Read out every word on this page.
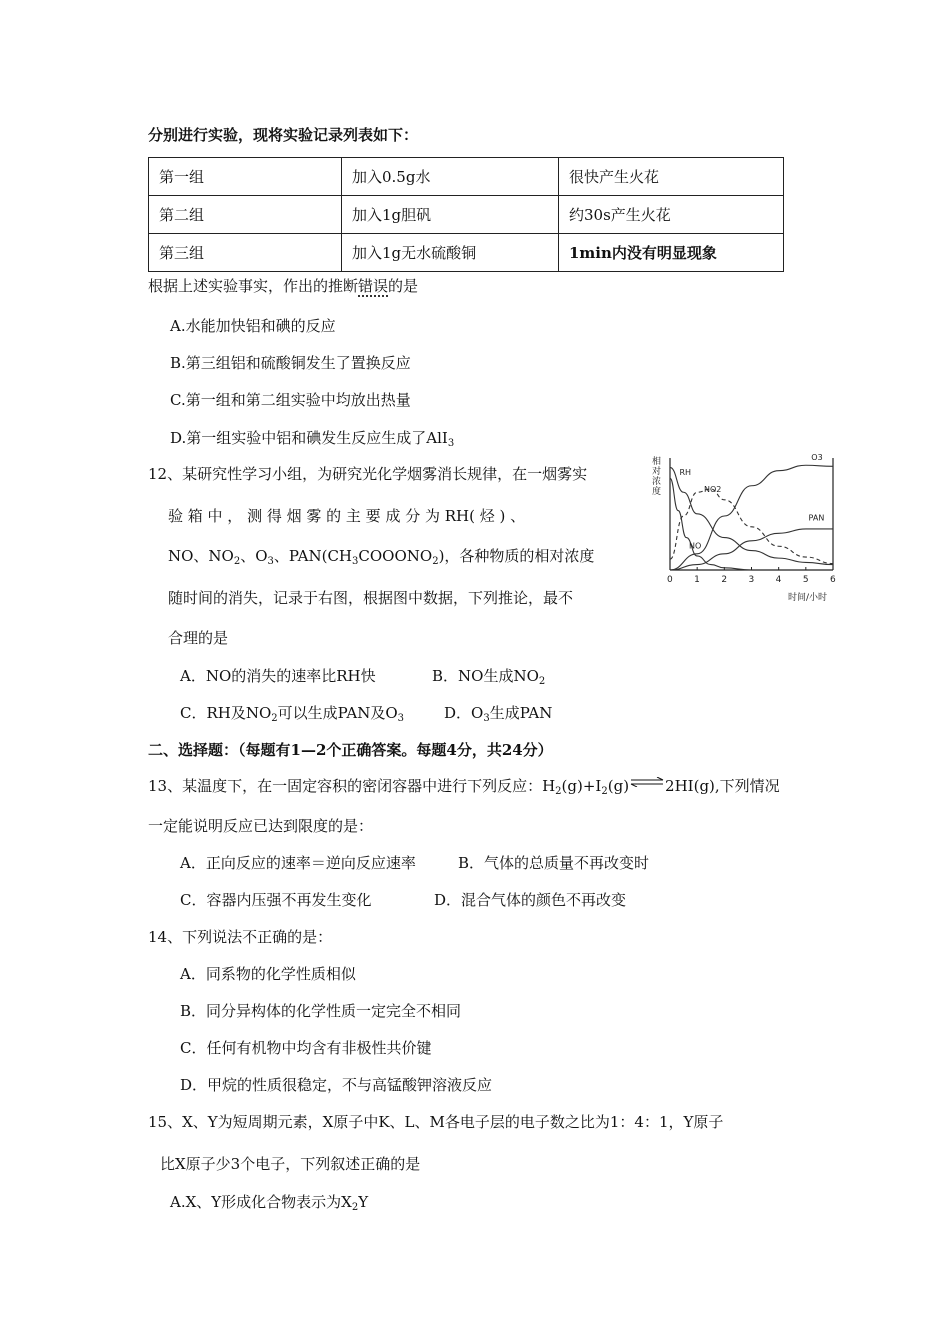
分别进行实验，现将实验记录列表如下：
第一组	加入0.5g水	很快产生火花
第二组	加入1g胆矾	约30s产生火花
第三组	加入1g无水硫酸铜	1min内没有明显现象
根据上述实验事实，作出的推断错误的是
A.水能加快铝和碘的反应
B.第三组铝和硫酸铜发生了置换反应
C.第一组和第二组实验中均放出热量
D.第一组实验中铝和碘发生反应生成了AlI$_3$
12、某研究性学习小组，为研究光化学烟雾消长规律，在一烟雾实
验 箱 中 ， 测 得 烟 雾 的 主 要 成 分 为 RH( 烃 ) 、
NO、$NO_2$、$O_3$、$PAN(CH_3COOONO_2)$，各种物质的相对浓度
随时间的消失，记录于右图，根据图中数据，下列推论，最不
合理的是
A．NO的消失的速率比RH快	B．NO生成$NO_2$
C．RH及$NO_2$可以生成PAN及$O_3$	D．$O_3$生成PAN
相 对 浓 度
0 1 2 3 4 5 6
RH
NO2
NO
O3
PAN
时间/小时
二、选择题：（每题有1—2个正确答案。每题4分，共24分）
13、某温度下，在一固定容积的密闭容器中进行下列反应：$H_2(g)+I_2(g)\rightleftharpoons 2HI(g)$,下列情况
一定能说明反应已达到限度的是：
A．正向反应的速率＝逆向反应速率	B．气体的总质量不再改变时
C．容器内压强不再发生变化	D．混合气体的颜色不再改变
14、下列说法不正确的是：
A．同系物的化学性质相似
B．同分异构体的化学性质一定完全不相同
C．任何有机物中均含有非极性共价键
D．甲烷的性质很稳定，不与高锰酸钾溶液反应
15、X、Y为短周期元素，X原子中K、L、M各电子层的电子数之比为1：4：1，Y原子
比X原子少3个电子，下列叙述正确的是
A.X、Y形成化合物表示为$X_2Y$
